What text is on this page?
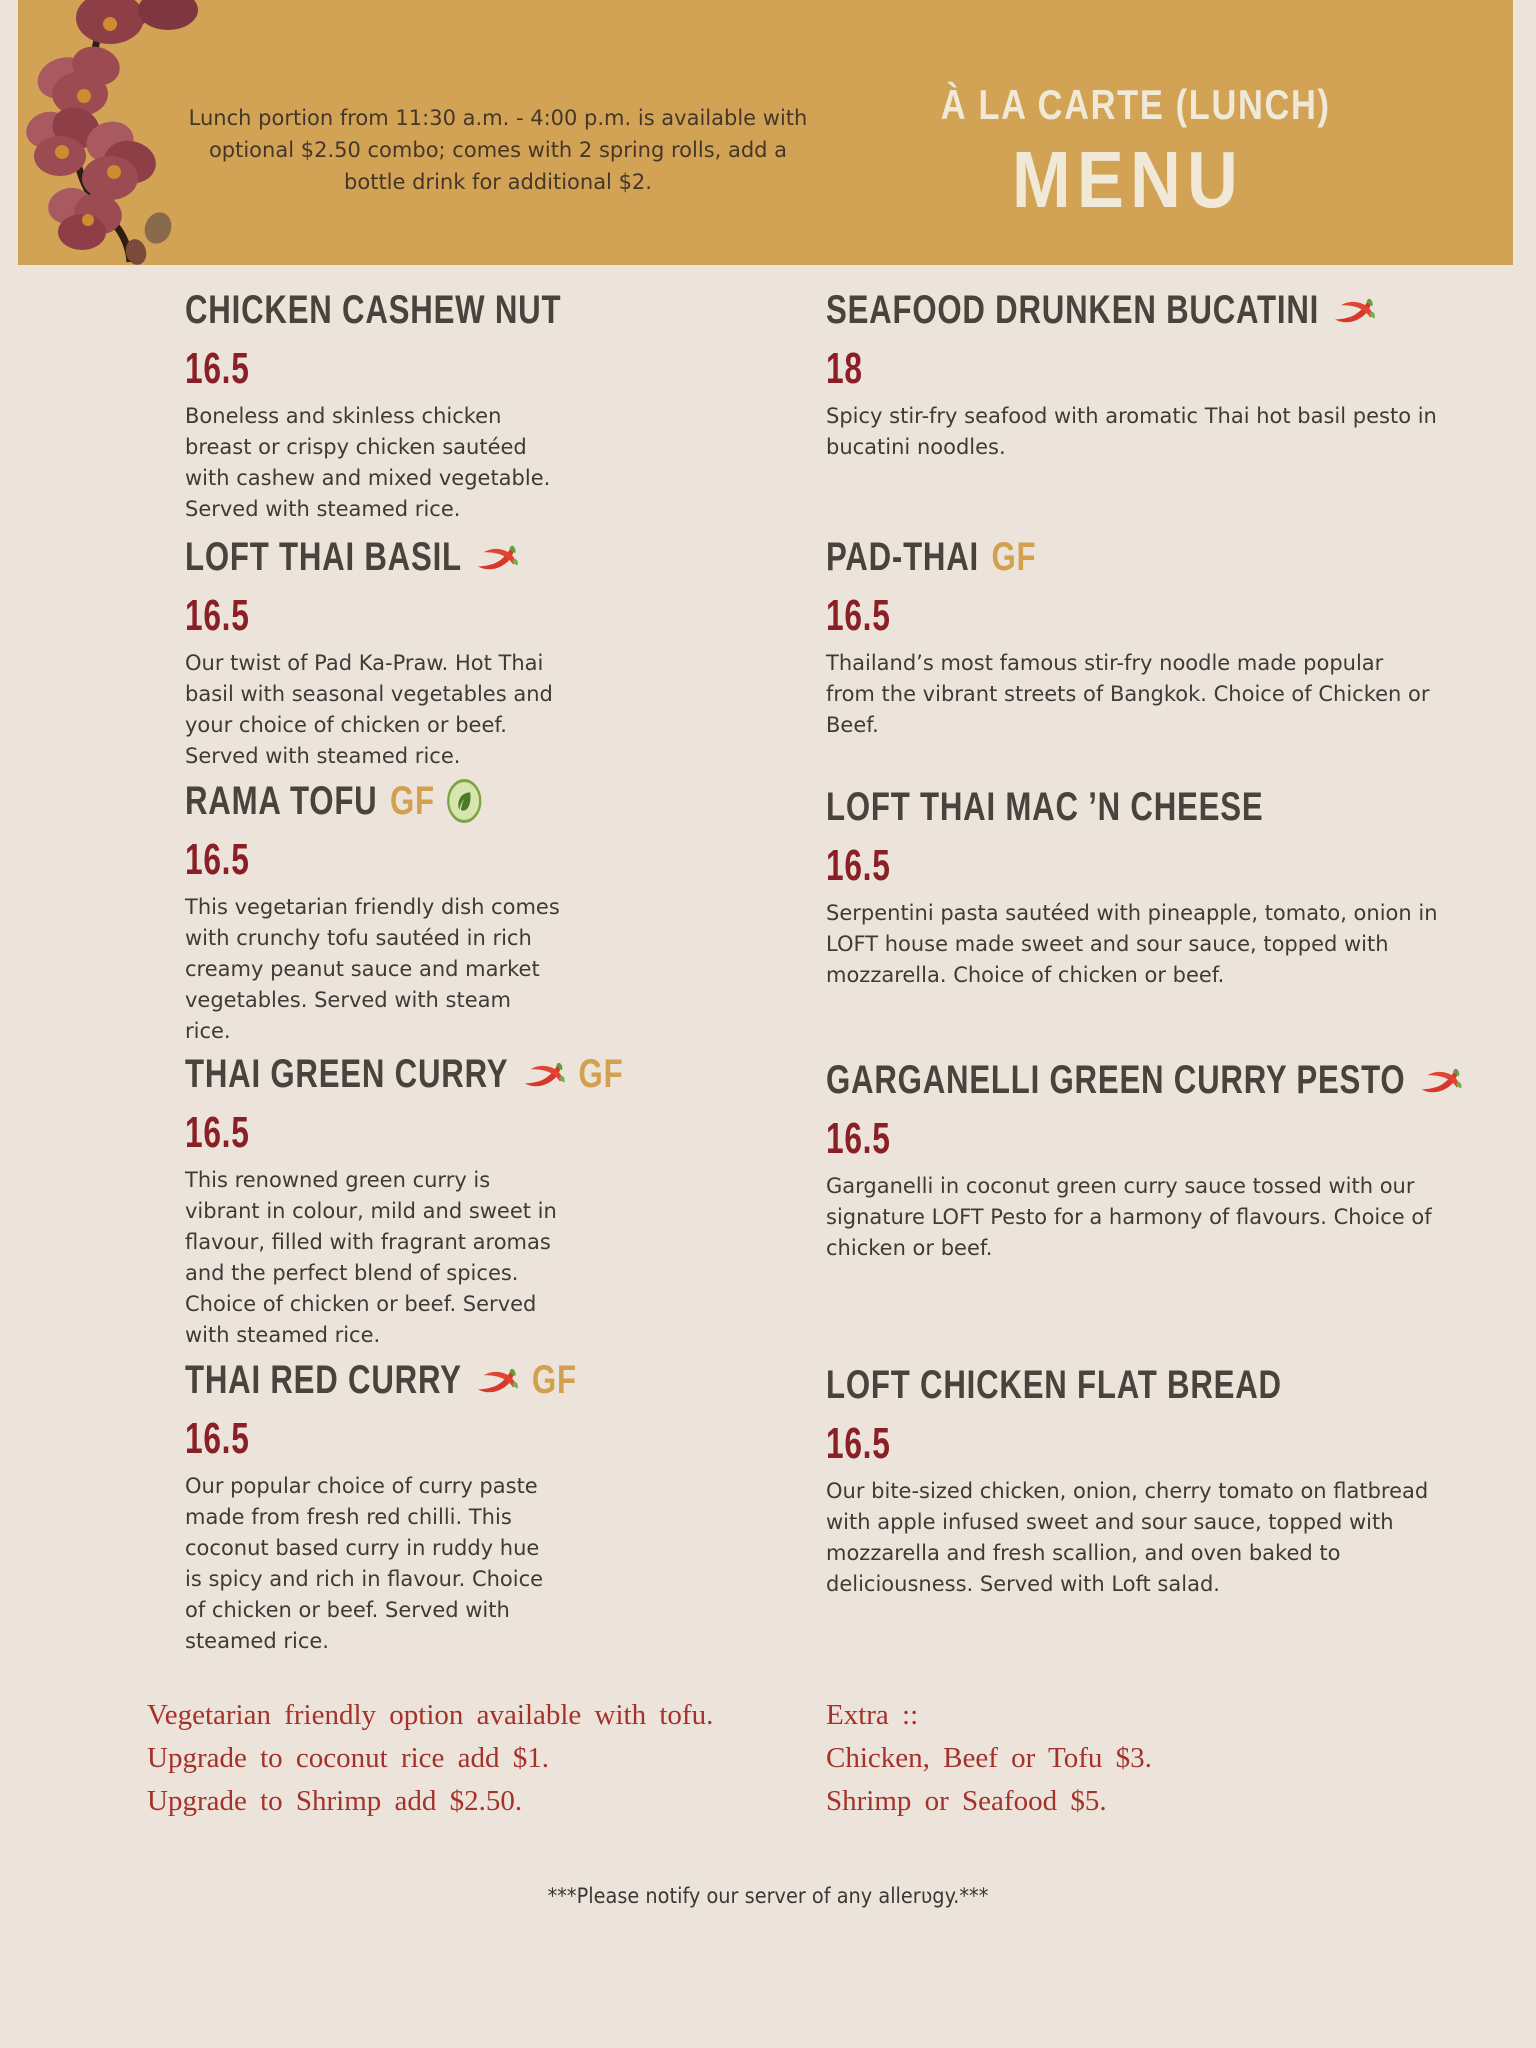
Lunch portion from 11:30 a.m. - 4:00 p.m. is available with optional $2.50 combo; comes with 2 spring rolls, add a bottle drink for additional $2.
À LA CARTE (LUNCH)
MENU
CHICKEN CASHEW NUT
16.5
Boneless and skinless chicken breast or crispy chicken sautéed with cashew and mixed vegetable. Served with steamed rice.
LOFT THAI BASIL
16.5
Our twist of Pad Ka-Praw. Hot Thai basil with seasonal vegetables and your choice of chicken or beef. Served with steamed rice.
RAMA TOFU GF
16.5
This vegetarian friendly dish comes with crunchy tofu sautéed in rich creamy peanut sauce and market vegetables. Served with steam rice.
THAI GREEN CURRY GF
16.5
This renowned green curry is vibrant in colour, mild and sweet in flavour, filled with fragrant aromas and the perfect blend of spices. Choice of chicken or beef. Served with steamed rice.
THAI RED CURRY GF
16.5
Our popular choice of curry paste made from fresh red chilli. This coconut based curry in ruddy hue is spicy and rich in flavour. Choice of chicken or beef. Served with steamed rice.
SEAFOOD DRUNKEN BUCATINI
18
Spicy stir-fry seafood with aromatic Thai hot basil pesto in bucatini noodles.
PAD-THAI GF
16.5
Thailand’s most famous stir-fry noodle made popular from the vibrant streets of Bangkok. Choice of Chicken or Beef.
LOFT THAI MAC ’N CHEESE
16.5
Serpentini pasta sautéed with pineapple, tomato, onion in LOFT house made sweet and sour sauce, topped with mozzarella. Choice of chicken or beef.
GARGANELLI GREEN CURRY PESTO
16.5
Garganelli in coconut green curry sauce tossed with our signature LOFT Pesto for a harmony of flavours. Choice of chicken or beef.
LOFT CHICKEN FLAT BREAD
16.5
Our bite-sized chicken, onion, cherry tomato on flatbread with apple infused sweet and sour sauce, topped with mozzarella and fresh scallion, and oven baked to deliciousness. Served with Loft salad.
Vegetarian friendly option available with tofu.
Upgrade to coconut rice add $1.
Upgrade to Shrimp add $2.50.
Extra ::
Chicken, Beef or Tofu $3.
Shrimp or Seafood $5.
***Please notify our server of any allerʋgy.***
